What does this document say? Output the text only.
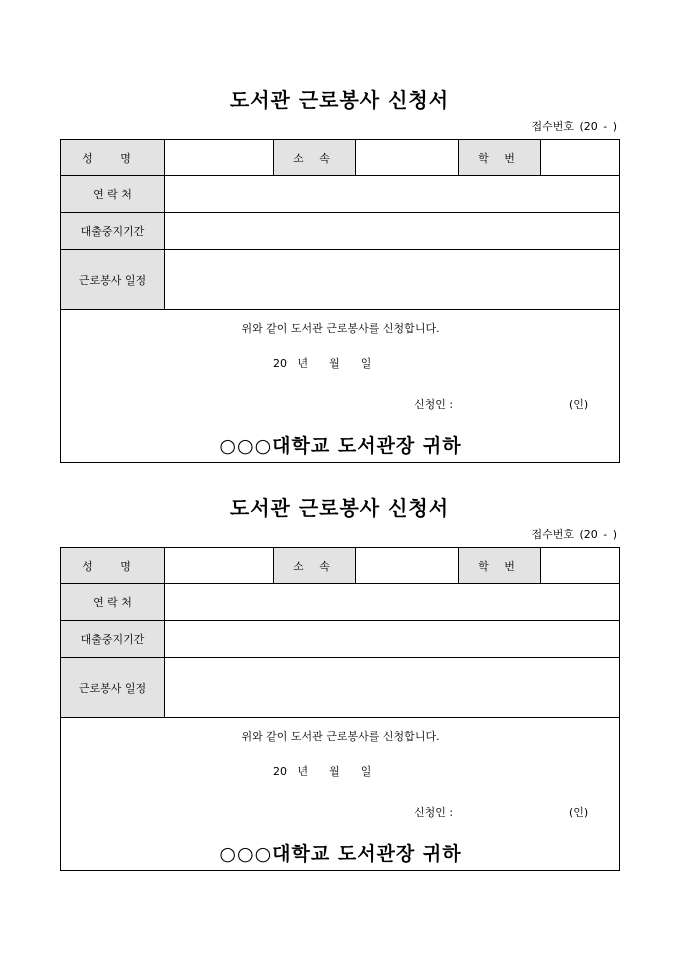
도서관 근로봉사 신청서
접수번호 (20 - )
성 명		소 속		학 번	
연 락 처					
대출중지기간					
근로봉사 일정					

위와 같이 도서관 근로봉사를 신청합니다.
20   년      월      일
신청인 : (인)
○○○대학교 도서관장 귀하					
도서관 근로봉사 신청서
접수번호 (20 - )
성 명		소 속		학 번	
연 락 처					
대출중지기간					
근로봉사 일정					

위와 같이 도서관 근로봉사를 신청합니다.
20   년      월      일
신청인 : (인)
○○○대학교 도서관장 귀하					
